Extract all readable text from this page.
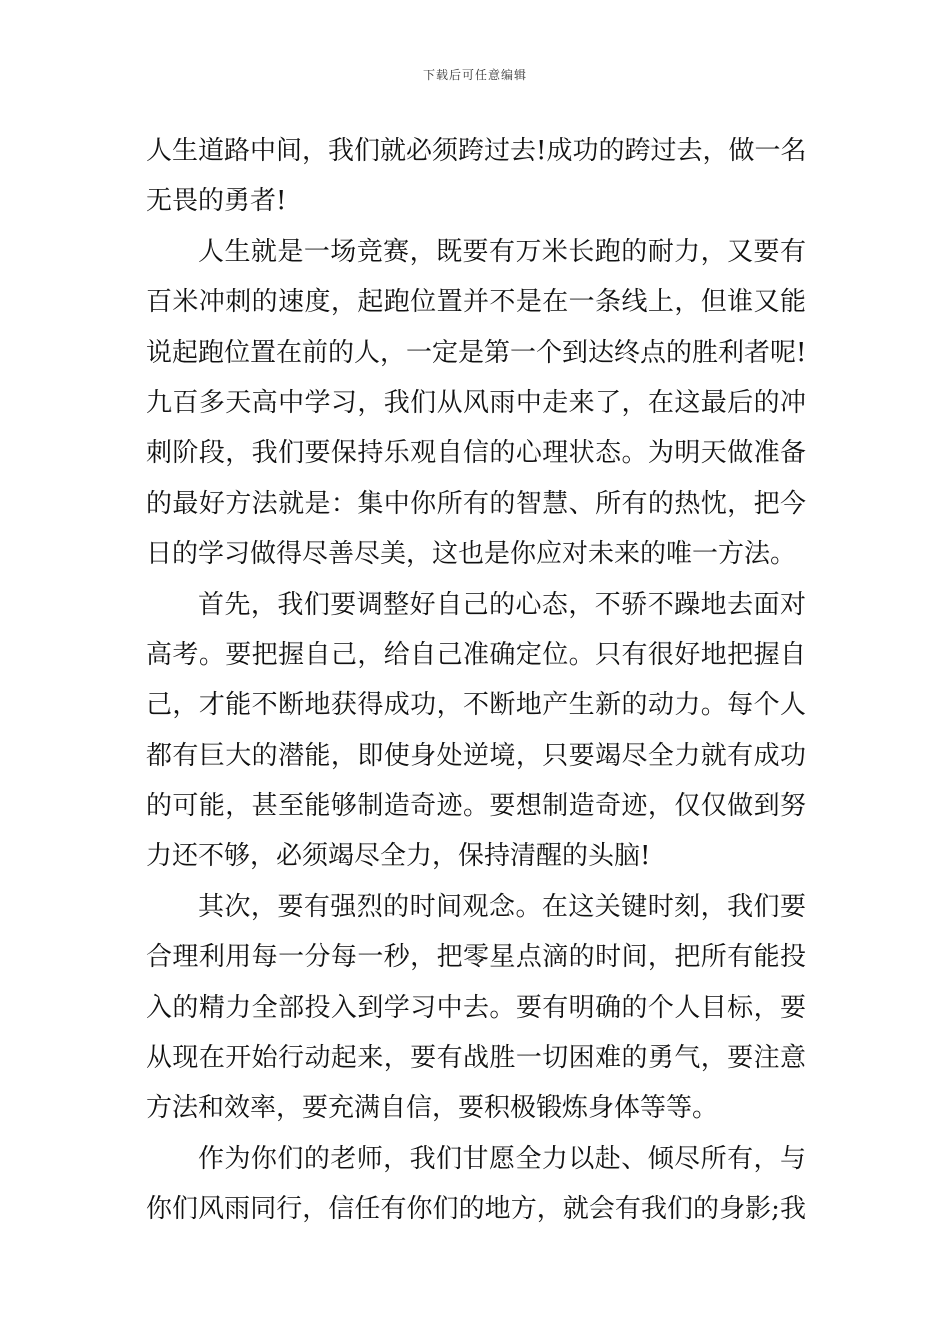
下载后可任意编辑
人生道路中间，我们就必须跨过去!成功的跨过去，做一名
无畏的勇者!
人生就是一场竞赛，既要有万米长跑的耐力，又要有
百米冲刺的速度，起跑位置并不是在一条线上，但谁又能
说起跑位置在前的人，一定是第一个到达终点的胜利者呢!
九百多天高中学习，我们从风雨中走来了，在这最后的冲
刺阶段，我们要保持乐观自信的心理状态。为明天做准备
的最好方法就是：集中你所有的智慧、所有的热忱，把今
日的学习做得尽善尽美，这也是你应对未来的唯一方法。
首先，我们要调整好自己的心态，不骄不躁地去面对
高考。要把握自己，给自己准确定位。只有很好地把握自
己，才能不断地获得成功，不断地产生新的动力。每个人
都有巨大的潜能，即使身处逆境，只要竭尽全力就有成功
的可能，甚至能够制造奇迹。要想制造奇迹，仅仅做到努
力还不够，必须竭尽全力，保持清醒的头脑!
其次，要有强烈的时间观念。在这关键时刻，我们要
合理利用每一分每一秒，把零星点滴的时间，把所有能投
入的精力全部投入到学习中去。要有明确的个人目标，要
从现在开始行动起来，要有战胜一切困难的勇气，要注意
方法和效率，要充满自信，要积极锻炼身体等等。
作为你们的老师，我们甘愿全力以赴、倾尽所有，与
你们风雨同行，信任有你们的地方，就会有我们的身影;我
